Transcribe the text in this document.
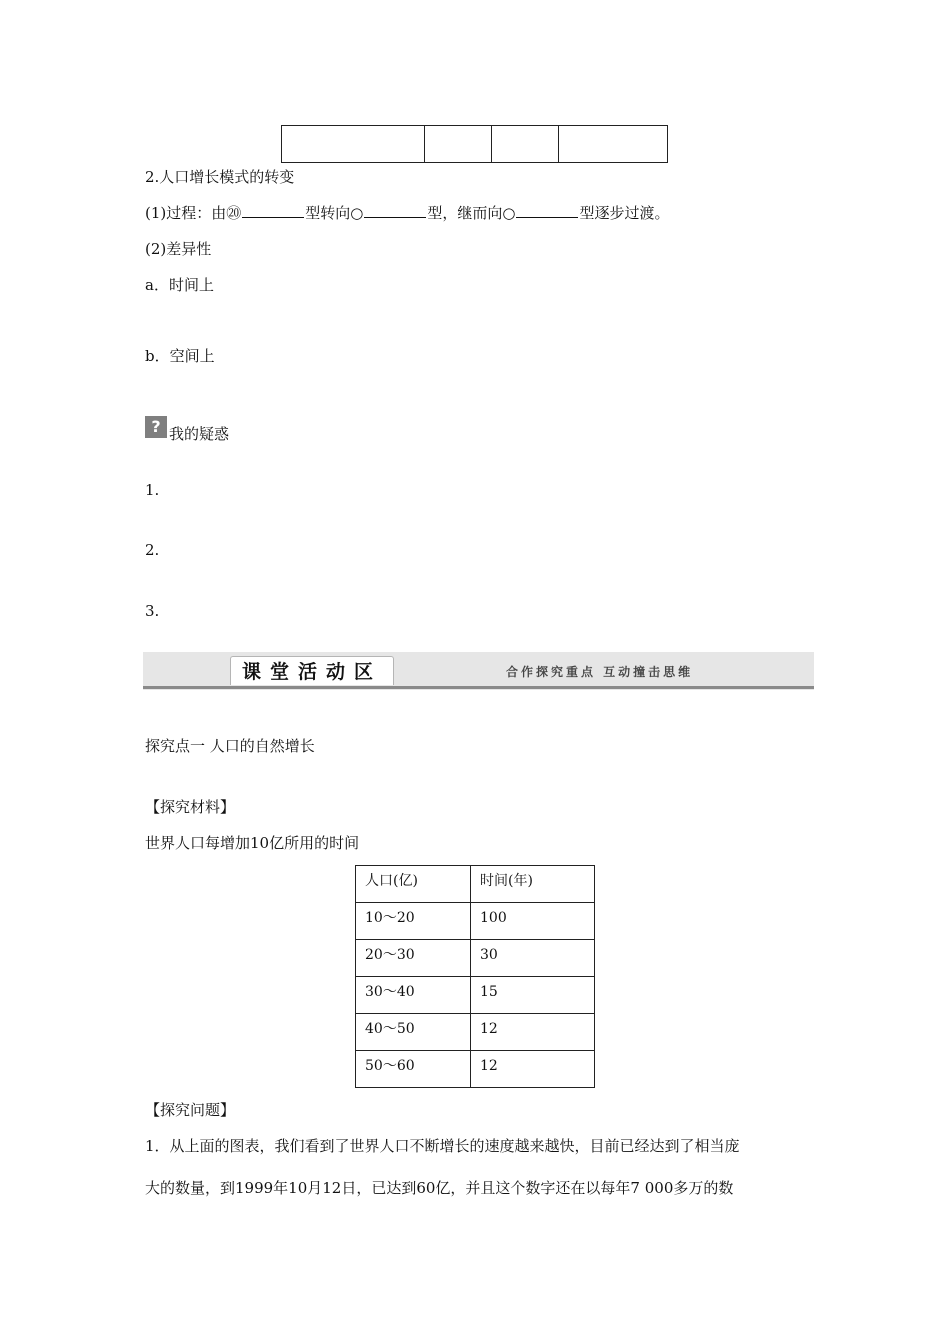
2.人口增长模式的转变
(1)过程：由⑳	型转向○	型，继而向○	型逐步过渡。
(2)差异性
a．时间上
b．空间上
? 我的疑惑
1.
2.
3.
课堂活动区	合作探究重点 互动撞击思维
探究点一 人口的自然增长
【探究材料】
世界人口每增加10亿所用的时间
人口(亿)	时间(年)
10～20	100
20～30	30
30～40	15
40～50	12
50～60	12
【探究问题】
1．从上面的图表，我们看到了世界人口不断增长的速度越来越快，目前已经达到了相当庞
大的数量，到1999年10月12日，已达到60亿，并且这个数字还在以每年7 000多万的数
